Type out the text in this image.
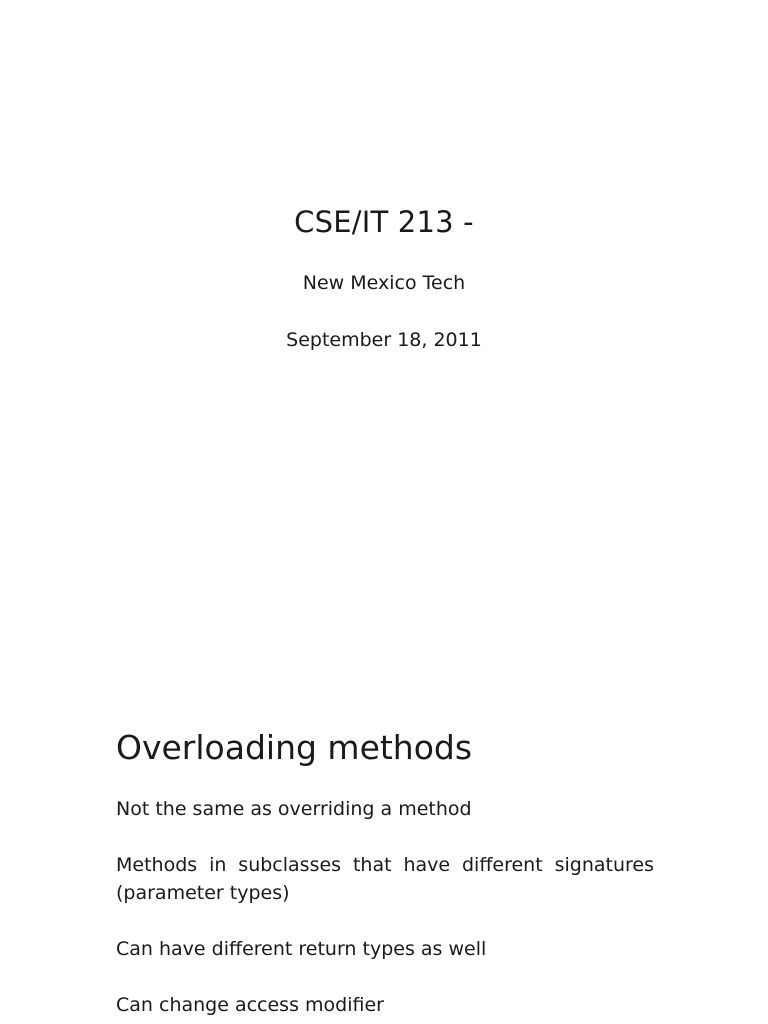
CSE/IT 213 -
New Mexico Tech
September 18, 2011
Overloading methods
Not the same as overriding a method
Methods in subclasses that have different signatures (parameter types)
Can have different return types as well
Can change access modifier
